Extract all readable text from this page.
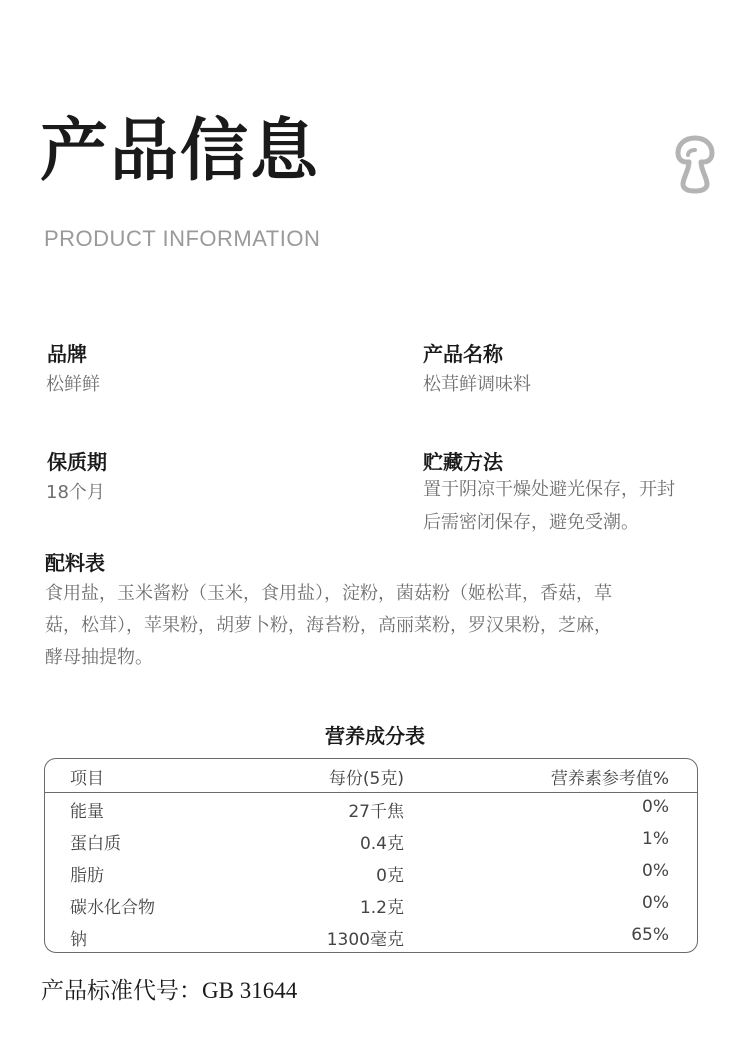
产品信息
PRODUCT INFORMATION
品牌
松鲜鲜
产品名称
松茸鲜调味料
保质期
18个月
贮藏方法
置于阴凉干燥处避光保存，开封
后需密闭保存，避免受潮。
配料表
食用盐，玉米酱粉（玉米，食用盐），淀粉，菌菇粉（姬松茸，香菇，草
菇，松茸），苹果粉，胡萝卜粉，海苔粉，高丽菜粉，罗汉果粉，芝麻，
酵母抽提物。
营养成分表
项目	每份(5克)	营养素参考值%
能量	27千焦	0%
蛋白质	0.4克	1%
脂肪	0克	0%
碳水化合物	1.2克	0%
钠	1300毫克	65%
产品标准代号：GB 31644
